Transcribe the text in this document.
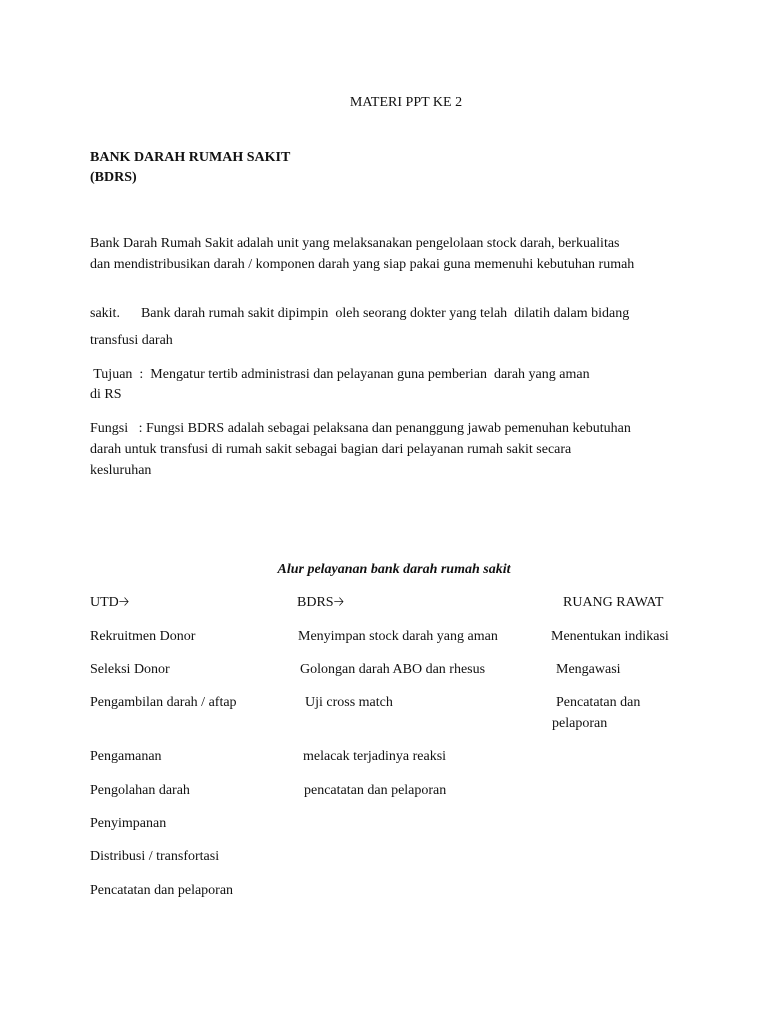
MATERI PPT KE 2
BANK DARAH RUMAH SAKIT
(BDRS)
Bank Darah Rumah Sakit adalah unit yang melaksanakan pengelolaan stock darah, berkualitas
dan mendistribusikan darah / komponen darah yang siap pakai guna memenuhi kebutuhan rumah
sakit.      Bank darah rumah sakit dipimpin  oleh seorang dokter yang telah  dilatih dalam bidang
transfusi darah
Tujuan  :  Mengatur tertib administrasi dan pelayanan guna pemberian  darah yang aman
di RS
Fungsi   : Fungsi BDRS adalah sebagai pelaksana dan penanggung jawab pemenuhan kebutuhan
darah untuk transfusi di rumah sakit sebagai bagian dari pelayanan rumah sakit secara
kesluruhan
Alur pelayanan bank darah rumah sakit
UTD🡢	BDRS🡢	RUANG RAWAT
Rekruitmen Donor
Seleksi Donor
Pengambilan darah / aftap
Pengamanan
Pengolahan darah
Penyimpanan
Distribusi / transfortasi
Pencatatan dan pelaporan
Menyimpan stock darah yang aman
Golongan darah ABO dan rhesus
Uji cross match
melacak terjadinya reaksi
pencatatan dan pelaporan
Menentukan indikasi
Mengawasi
Pencatatan dan
pelaporan
